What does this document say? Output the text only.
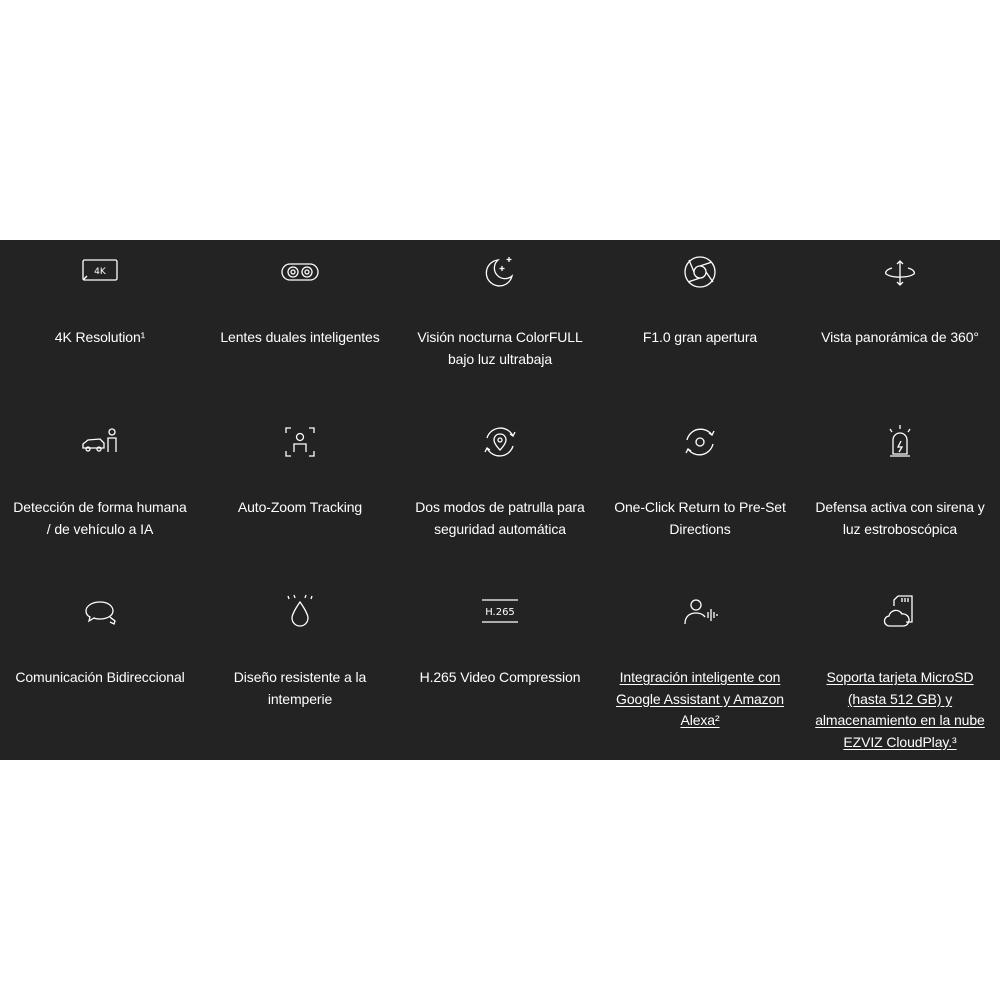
4K
4K Resolution¹	Lentes duales inteligentes	Visión nocturna ColorFULL bajo luz ultrabaja
F1.0 gran apertura	Vista panorámica de 360°
Detección de forma humana / de vehículo a IA
Auto-Zoom Tracking	Dos modos de patrulla para seguridad automática
One-Click Return to Pre-Set Directions
Defensa activa con sirena y luz estroboscópica
Comunicación Bidireccional	Diseño resistente a la intemperie
H.265
H.265 Video Compression	Integración inteligente con Google Assistant y Amazon Alexa²
Soporta tarjeta MicroSD (hasta 512 GB) y almacenamiento en la nube EZVIZ CloudPlay.³
